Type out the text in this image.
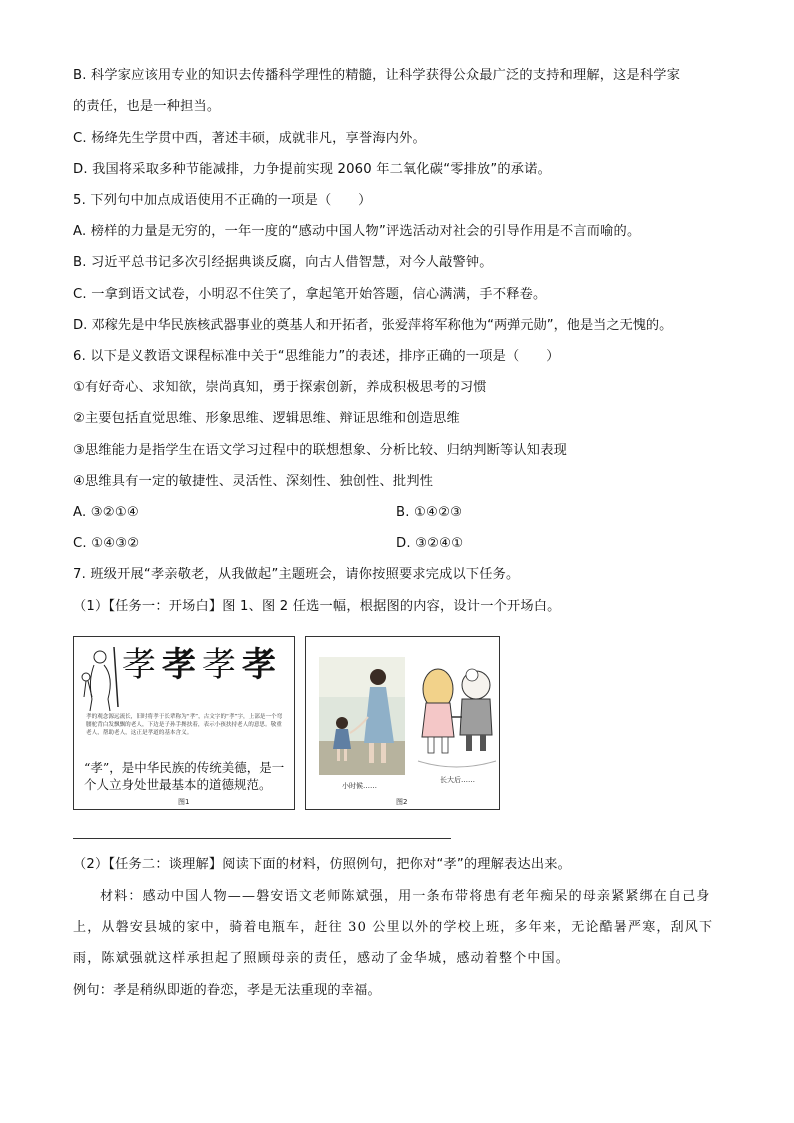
B. 科学家应该用专业的知识去传播科学理性的精髓，让科学获得公众最广泛的支持和理解，这是科学家
的责任，也是一种担当。
C. 杨绛先生学贯中西，著述丰硕，成就非凡，享誉海内外。
D. 我国将采取多种节能减排，力争提前实现 2060 年二氧化碳“零排放”的承诺。
5. 下列句中加点成语使用不正确的一项是（　　）
A. 榜样的力量是无穷的，一年一度的“感动中国人物”评选活动对社会的引导作用是不言而喻的。
B. 习近平总书记多次引经据典谈反腐，向古人借智慧，对今人敲警钟。
C. 一拿到语文试卷，小明忍不住笑了，拿起笔开始答题，信心满满，手不释卷。
D. 邓稼先是中华民族核武器事业的奠基人和开拓者，张爱萍将军称他为“两弹元勋”，他是当之无愧的。
6. 以下是义教语文课程标准中关于“思维能力”的表述，排序正确的一项是（　　）
①有好奇心、求知欲，崇尚真知，勇于探索创新，养成积极思考的习惯
②主要包括直觉思维、形象思维、逻辑思维、辩证思维和创造思维
③思维能力是指学生在语文学习过程中的联想想象、分析比较、归纳判断等认知表现
④思维具有一定的敏捷性、灵活性、深刻性、独创性、批判性
A. ③②①④	B. ①④②③
C. ①④③②	D. ③②④①
7. 班级开展“孝亲敬老，从我做起”主题班会，请你按照要求完成以下任务。
（1）【任务一：开场白】图 1、图 2 任选一幅，根据图的内容，设计一个开场白。
孝孝孝孝
孝的观念源远流长，旧时将孝于长辈称为“孝”，古文字的“孝”字，上部是一个弯腰驼背白发飘飘的老人，下边是子孙手搀扶着，表示小孩扶持老人的意思。敬重老人，帮助老人，这正是孝道的基本含义。
“孝”，是中华民族的传统美德，是一个人立身处世最基本的道德规范。
图1
小时候……
长大后……
图2
（2）【任务二：谈理解】阅读下面的材料，仿照例句，把你对“孝”的理解表达出来。
材料：感动中国人物——磐安语文老师陈斌强，用一条布带将患有老年痴呆的母亲紧紧绑在自己身
上，从磐安县城的家中，骑着电瓶车，赶往 30 公里以外的学校上班，多年来，无论酷暑严寒，刮风下
雨，陈斌强就这样承担起了照顾母亲的责任，感动了金华城，感动着整个中国。
例句：孝是稍纵即逝的眷恋，孝是无法重现的幸福。
